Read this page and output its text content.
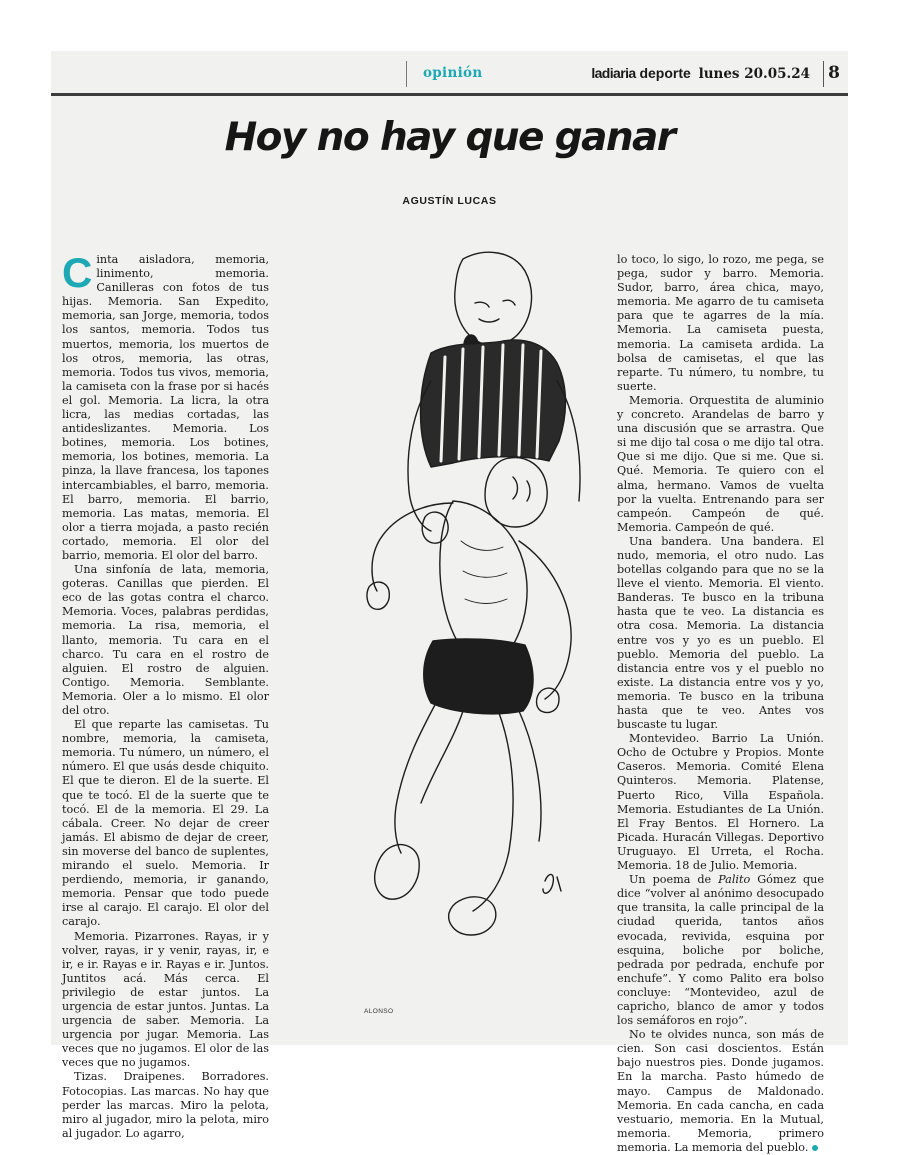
opinión	ladiaria deporte lunes 20.05.24 8
Hoy no hay que ganar
AGUSTÍN LUCAS

Cinta aisladora, memoria, linimento, memoria. Canilleras con fotos de tus hijas. Memoria. San Expedito, memoria, san Jorge, memoria, todos los santos, memoria. Todos tus muertos, memoria, los muertos de los otros, memoria, las otras, memoria. Todos tus vivos, memoria, la camiseta con la frase por si hacés el gol. Memoria. La licra, la otra licra, las medias cortadas, las antideslizantes. Memoria. Los botines, memoria. Los botines, memoria, los botines, memoria. La pinza, la llave francesa, los tapones intercambiables, el barro, memoria. El barro, memoria. El barrio, memoria. Las matas, memoria. El olor a tierra mojada, a pasto recién cortado, memoria. El olor del barrio, memoria. El olor del barro.

Una sinfonía de lata, memoria, goteras. Canillas que pierden. El eco de las gotas contra el charco. Memoria. Voces, palabras perdidas, memoria. La risa, memoria, el llanto, memoria. Tu cara en el charco. Tu cara en el rostro de alguien. El rostro de alguien. Contigo. Memoria. Semblante. Memoria. Oler a lo mismo. El olor del otro.

El que reparte las camisetas. Tu nombre, memoria, la camiseta, memoria. Tu número, un número, el número. El que usás desde chiquito. El que te dieron. El de la suerte. El que te tocó. El de la suerte que te tocó. El de la memoria. El 29. La cábala. Creer. No dejar de creer jamás. El abismo de dejar de creer, sin moverse del banco de suplentes, mirando el suelo. Memoria. Ir perdiendo, memoria, ir ganando, memoria. Pensar que todo puede irse al carajo. El carajo. El olor del carajo.

Memoria. Pizarrones. Rayas, ir y volver, rayas, ir y venir, rayas, ir, e ir, e ir. Rayas e ir. Rayas e ir. Juntos. Juntitos acá. Más cerca. El privilegio de estar juntos. La urgencia de estar juntos. Juntas. La urgencia de saber. Memoria. La urgencia por jugar. Memoria. Las veces que no jugamos. El olor de las veces que no jugamos.

Tizas. Draipenes. Borradores. Fotocopias. Las marcas. No hay que perder las marcas. Miro la pelota, miro al jugador, miro la pelota, miro al jugador. Lo agarro,

lo toco, lo sigo, lo rozo, me pega, se pega, sudor y barro. Memoria. Sudor, barro, área chica, mayo, memoria. Me agarro de tu camiseta para que te agarres de la mía. Memoria. La camiseta puesta, memoria. La camiseta ardida. La bolsa de camisetas, el que las reparte. Tu número, tu nombre, tu suerte.

Memoria. Orquestita de aluminio y concreto. Arandelas de barro y una discusión que se arrastra. Que si me dijo tal cosa o me dijo tal otra. Que si me dijo. Que si me. Que si. Qué. Memoria. Te quiero con el alma, hermano. Vamos de vuelta por la vuelta. Entrenando para ser campeón. Campeón de qué. Memoria. Campeón de qué.

Una bandera. Una bandera. El nudo, memoria, el otro nudo. Las botellas colgando para que no se la lleve el viento. Memoria. El viento. Banderas. Te busco en la tribuna hasta que te veo. La distancia es otra cosa. Memoria. La distancia entre vos y yo es un pueblo. El pueblo. Memoria del pueblo. La distancia entre vos y el pueblo no existe. La distancia entre vos y yo, memoria. Te busco en la tribuna hasta que te veo. Antes vos buscaste tu lugar.

Montevideo. Barrio La Unión. Ocho de Octubre y Propios. Monte Caseros. Memoria. Comité Elena Quinteros. Memoria. Platense, Puerto Rico, Villa Española. Memoria. Estudiantes de La Unión. El Fray Bentos. El Hornero. La Picada. Huracán Villegas. Deportivo Uruguayo. El Urreta, el Rocha. Memoria. 18 de Julio. Memoria.

Un poema de Palito Gómez que dice “volver al anónimo desocupado que transita, la calle principal de la ciudad querida, tantos años evocada, revivida, esquina por esquina, boliche por boliche, pedrada por pedrada, enchufe por enchufe”. Y como Palito era bolso concluye: “Montevideo, azul de capricho, blanco de amor y todos los semáforos en rojo”.

No te olvides nunca, son más de cien. Son casi doscientos. Están bajo nuestros pies. Donde jugamos. En la marcha. Pasto húmedo de mayo. Campus de Maldonado. Memoria. En cada cancha, en cada vestuario, memoria. En la Mutual, memoria. Memoria, primero memoria. La memoria del pueblo.

ALONSO
